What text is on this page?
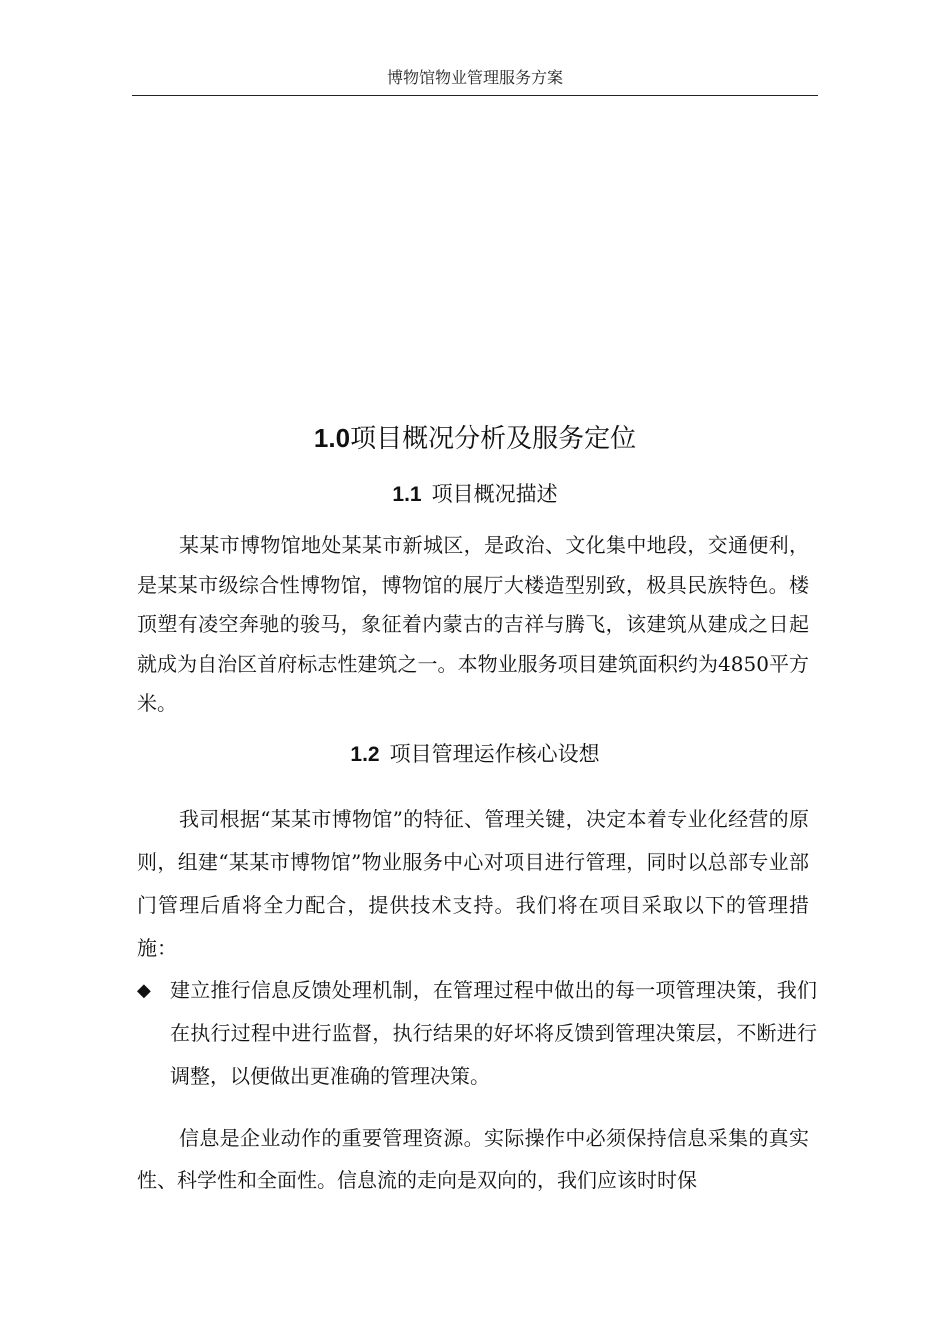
博物馆物业管理服务方案
1.0项目概况分析及服务定位
1.1 项目概况描述

某某市博物馆地处某某市新城区，是政治、文化集中地段，交通便利，是某某市级综合性博物馆，博物馆的展厅大楼造型别致，极具民族特色。楼顶塑有凌空奔驰的骏马，象征着内蒙古的吉祥与腾飞，该建筑从建成之日起就成为自治区首府标志性建筑之一。本物业服务项目建筑面积约为4850平方米。

1.2 项目管理运作核心设想

我司根据“某某市博物馆”的特征、管理关键，决定本着专业化经营的原则，组建“某某市博物馆”物业服务中心对项目进行管理，同时以总部专业部门管理后盾将全力配合，提供技术支持。我们将在项目采取以下的管理措施：

◆ 建立推行信息反馈处理机制，在管理过程中做出的每一项管理决策，我们在执行过程中进行监督，执行结果的好坏将反馈到管理决策层，不断进行调整，以便做出更准确的管理决策。

信息是企业动作的重要管理资源。实际操作中必须保持信息采集的真实性、科学性和全面性。信息流的走向是双向的，我们应该时时保
